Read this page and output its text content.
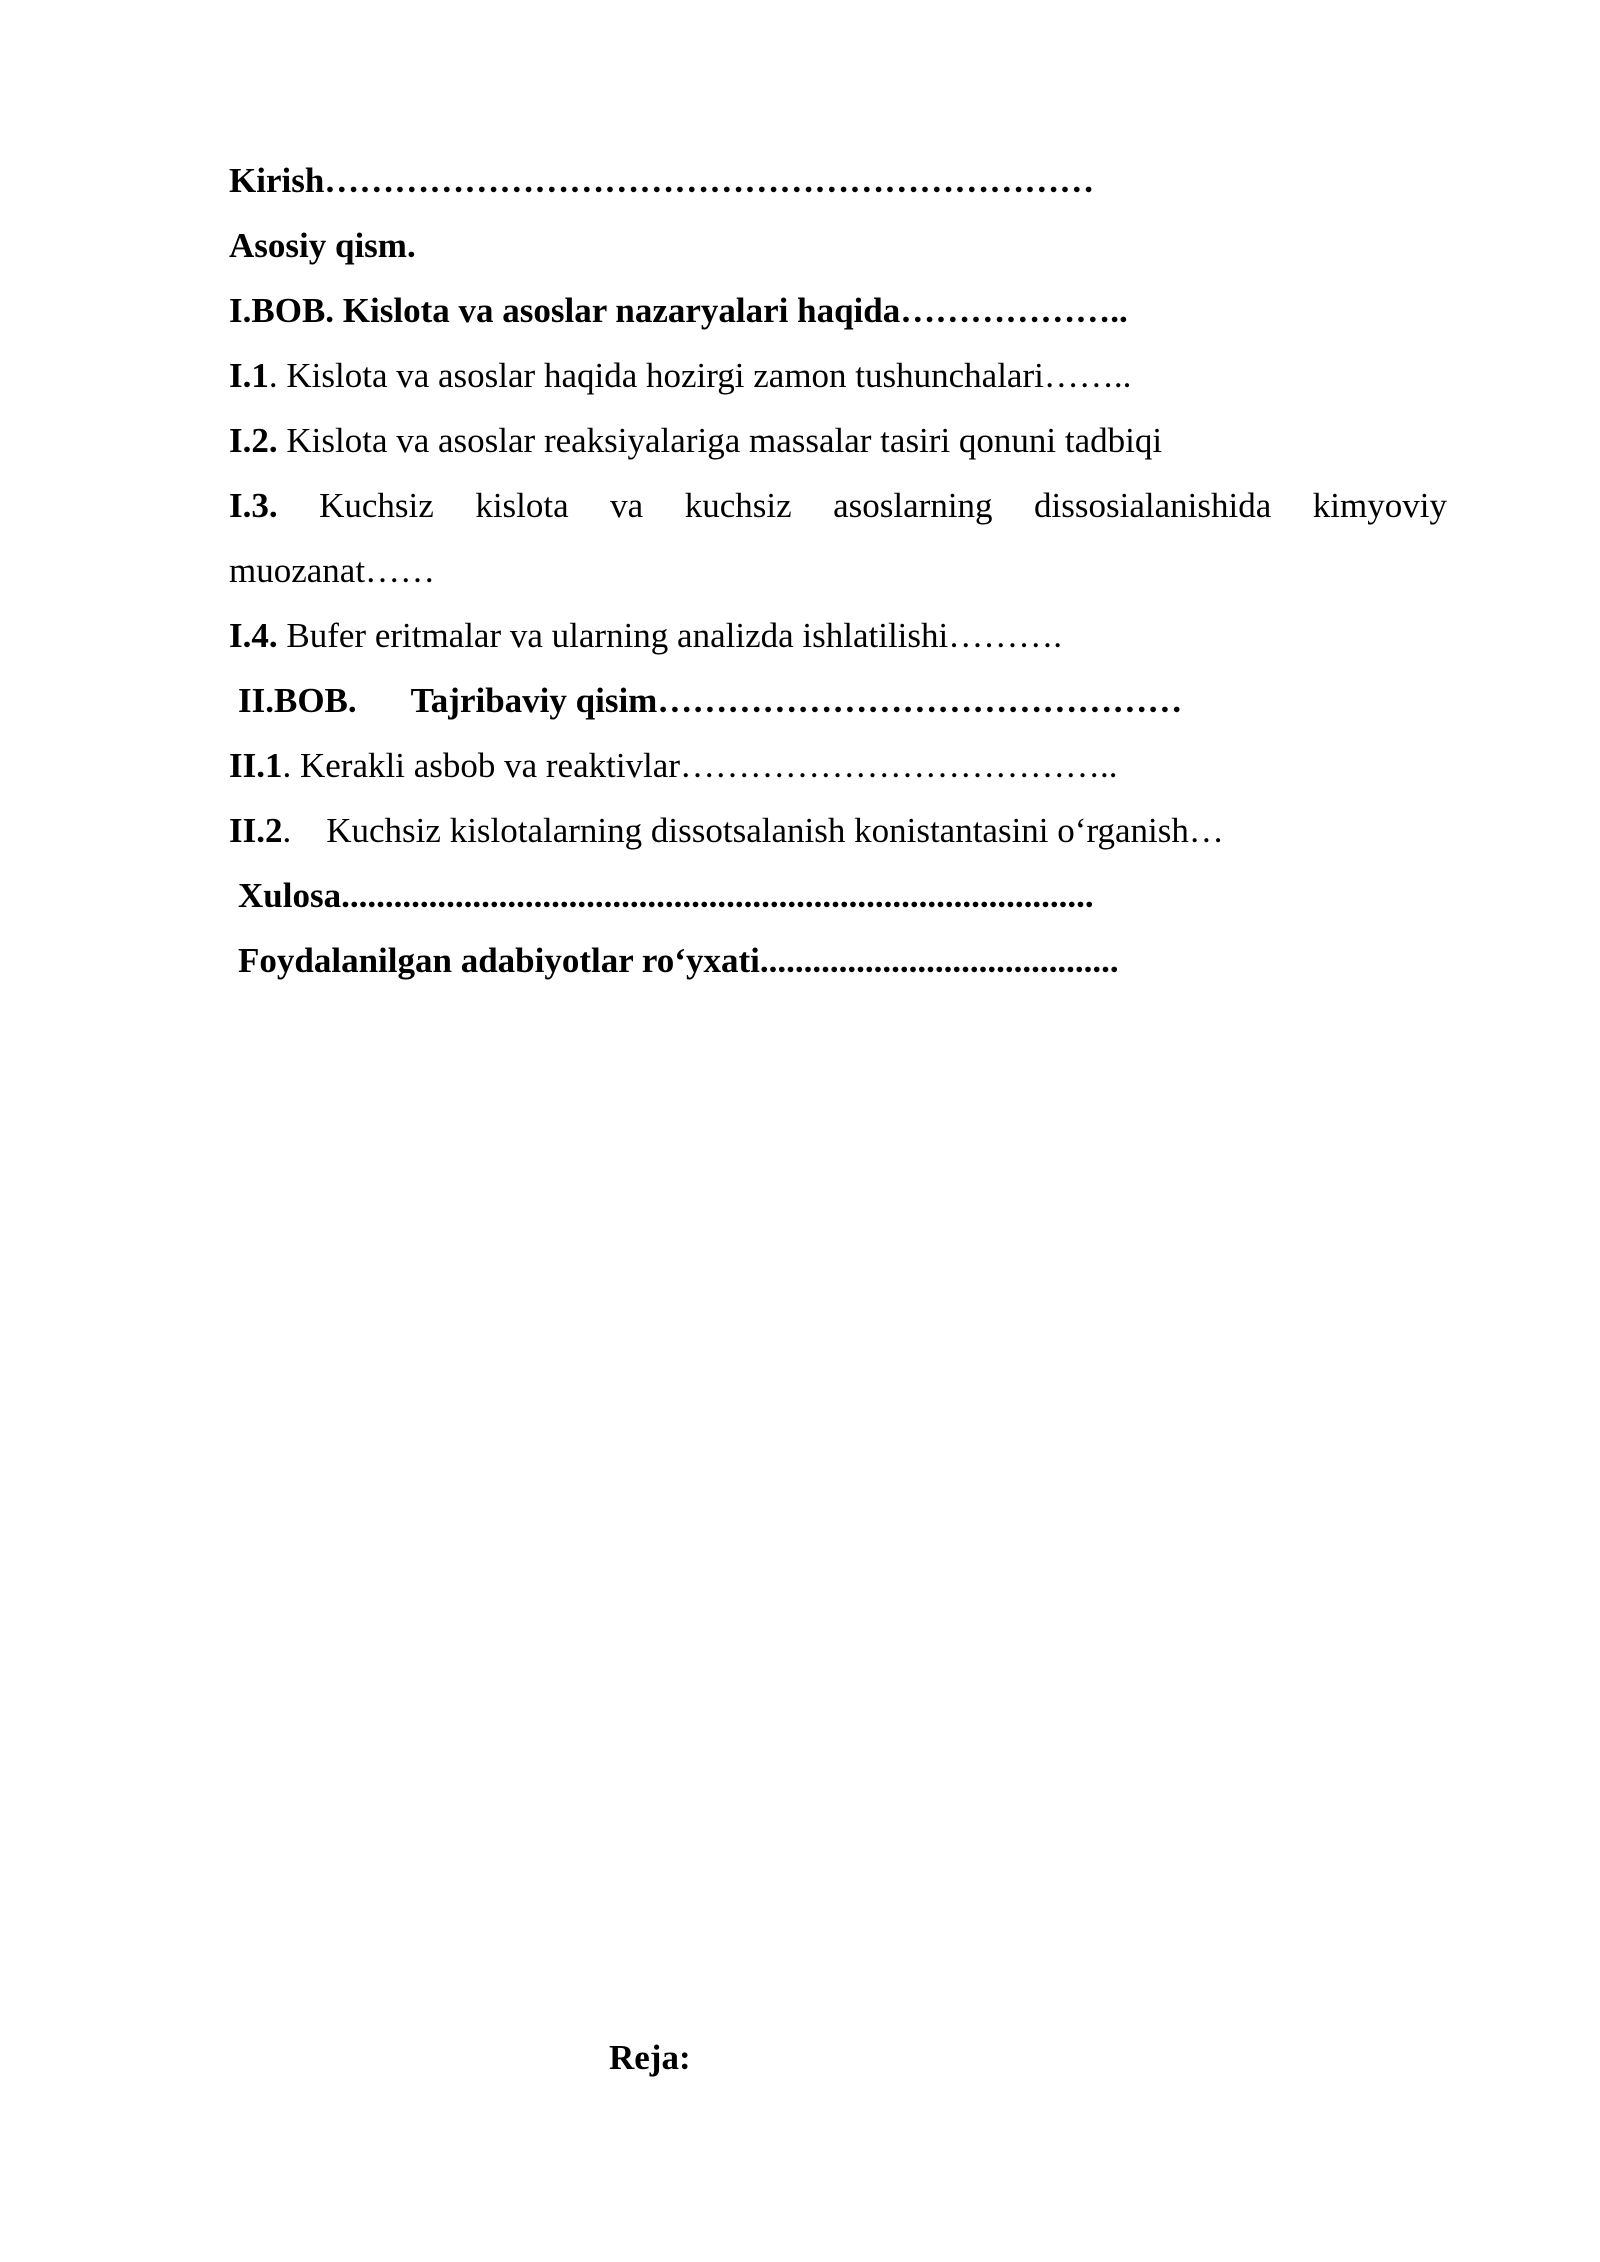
Kirish…………………………………………………………
Asosiy qism.
I.BOB. Kislota va asoslar nazaryalari haqida………………..
I.1. Kislota va asoslar haqida hozirgi zamon tushunchalari……..
I.2. Kislota va asoslar reaksiyalariga massalar tasiri qonuni tadbiqi
I.3. Kuchsiz kislota va kuchsiz asoslarning dissosialanishida kimyoviy
muozanat……
I.4. Bufer eritmalar va ularning analizda ishlatilishi……….
II.BOB. Tajribaviy qisim………………………………………
II.1. Kerakli asbob va reaktivlar………………………………..
II.2.    Kuchsiz kislotalarning dissotsalanish konistantasini o‘rganish…
Xulosa......................................................................................
Foydalanilgan adabiyotlar ro‘yxati.........................................
Reja:
